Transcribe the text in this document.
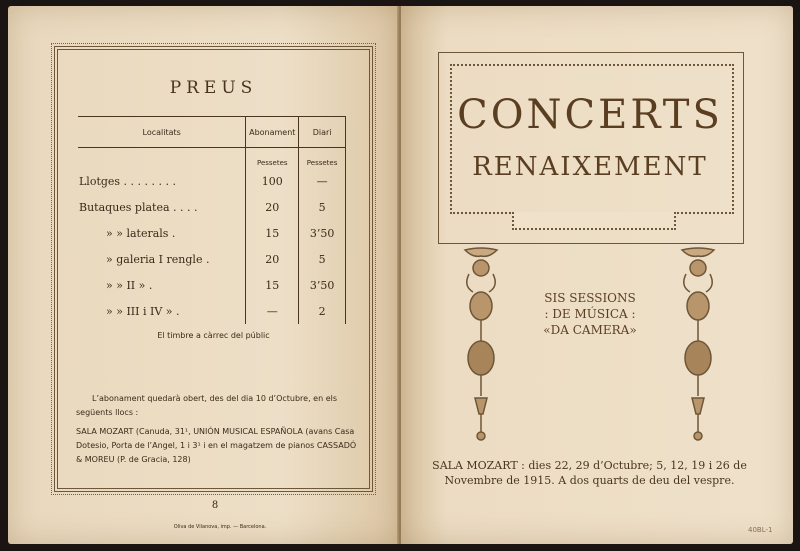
PREUS
Localitats	Abonament	Diari
	Pessetes	Pessetes
Llotges . . . . . . . .	100	—
Butaques platea . . . .	20	5
» » laterals .	15	3’50
» galeria I rengle .	20	5
» » II » .	15	3’50
» » III i IV » .	—	2
El timbre a càrrec del públic
L’abonament quedarà obert, des del dia 10 d’Octubre, en els següents llocs :
SALA MOZART (Canuda, 31¹, UNIÓN MUSICAL ESPAÑOLA (avans Casa Dotesio, Porta de l’Angel, 1 i 3¹ i en el magatzem de pianos CASSADÓ & MOREU (P. de Gracia, 128)
8
Oliva de Vilanova, imp. — Barcelona.
CONCERTS
RENAIXEMENT
SIS SESSIONS
: DE MÚSICA :
«DA CAMERA»
SALA MOZART : dies 22, 29 d’Octubre; 5, 12, 19 i 26 de Novembre de 1915. A dos quarts de deu del vespre.
40BL-1
